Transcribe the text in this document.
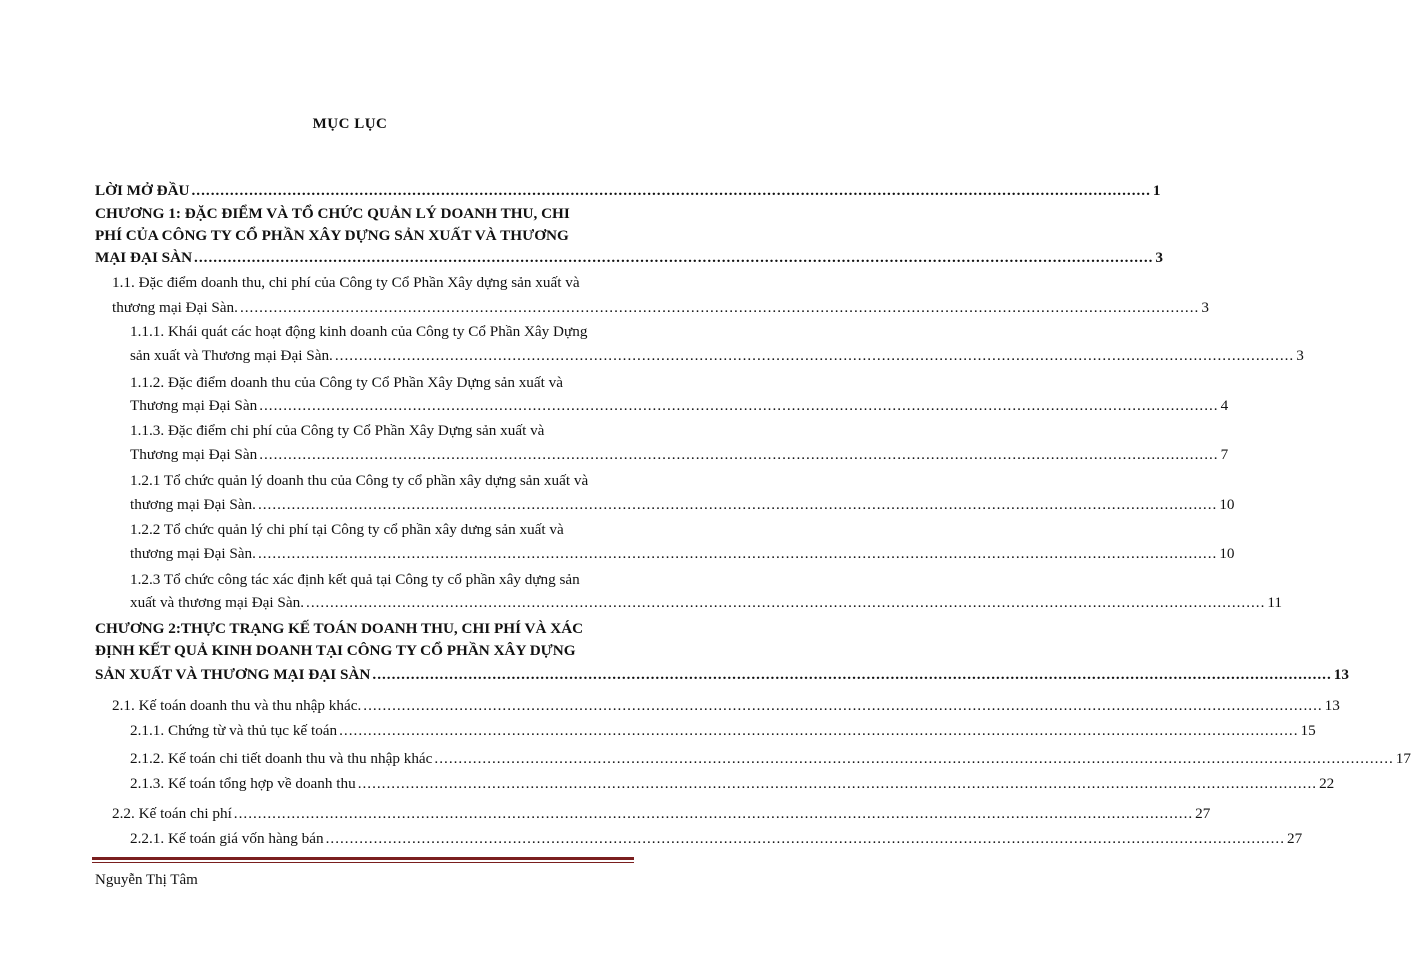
MỤC LỤC
LỜI MỞ ĐẦU ........................................................................................................................................................................................................ 1
CHƯƠNG 1: ĐẶC ĐIỂM VÀ TỔ CHỨC QUẢN LÝ DOANH THU, CHI
PHÍ CỦA CÔNG TY CỔ PHẦN XÂY DỰNG SẢN XUẤT VÀ THƯƠNG
MẠI ĐẠI SÀN ........................................................................................................................................................................................................ 3
1.1. Đặc điểm doanh thu, chi phí của Công ty Cổ Phần Xây dựng sản xuất và
thương mại Đại Sàn. ........................................................................................................................................................................................................ 3
1.1.1. Khái quát các hoạt động kinh doanh của Công ty Cổ Phần Xây Dựng
sản xuất và Thương mại Đại Sàn. ........................................................................................................................................................................................................ 3
1.1.2. Đặc điểm doanh thu của Công ty Cổ Phần Xây Dựng sản xuất và
Thương mại Đại Sàn ........................................................................................................................................................................................................ 4
1.1.3. Đặc điểm chi phí của Công ty Cổ Phần Xây Dựng sản xuất và
Thương mại Đại Sàn ........................................................................................................................................................................................................ 7
1.2.1 Tổ chức quản lý doanh thu của Công ty cổ phần xây dựng sản xuất và
thương mại Đại Sàn. ........................................................................................................................................................................................................ 10
1.2.2 Tổ chức quản lý chi phí tại Công ty cổ phần xây dưng sản xuất và
thương mại Đại Sàn. ........................................................................................................................................................................................................ 10
1.2.3 Tổ chức công tác xác định kết quả tại Công ty cổ phần xây dựng sản
xuất và thương mại Đại Sàn. ........................................................................................................................................................................................................ 11
CHƯƠNG 2:THỰC TRẠNG KẾ TOÁN DOANH THU, CHI PHÍ VÀ XÁC
ĐỊNH KẾT QUẢ KINH DOANH TẠI CÔNG TY CỔ PHẦN XÂY DỰNG
SẢN XUẤT VÀ THƯƠNG MẠI ĐẠI SÀN ........................................................................................................................................................................................................ 13
2.1. Kế toán doanh thu và thu nhập khác. ........................................................................................................................................................................................................ 13
2.1.1. Chứng từ và thủ tục kế toán ........................................................................................................................................................................................................ 15
2.1.2. Kế toán chi tiết doanh thu và thu nhập khác ........................................................................................................................................................................................................ 17
2.1.3. Kế toán tổng hợp về doanh thu ........................................................................................................................................................................................................ 22
2.2. Kế toán chi phí ........................................................................................................................................................................................................ 27
2.2.1. Kế toán giá vốn hàng bán ........................................................................................................................................................................................................ 27
Nguyễn Thị Tâm
